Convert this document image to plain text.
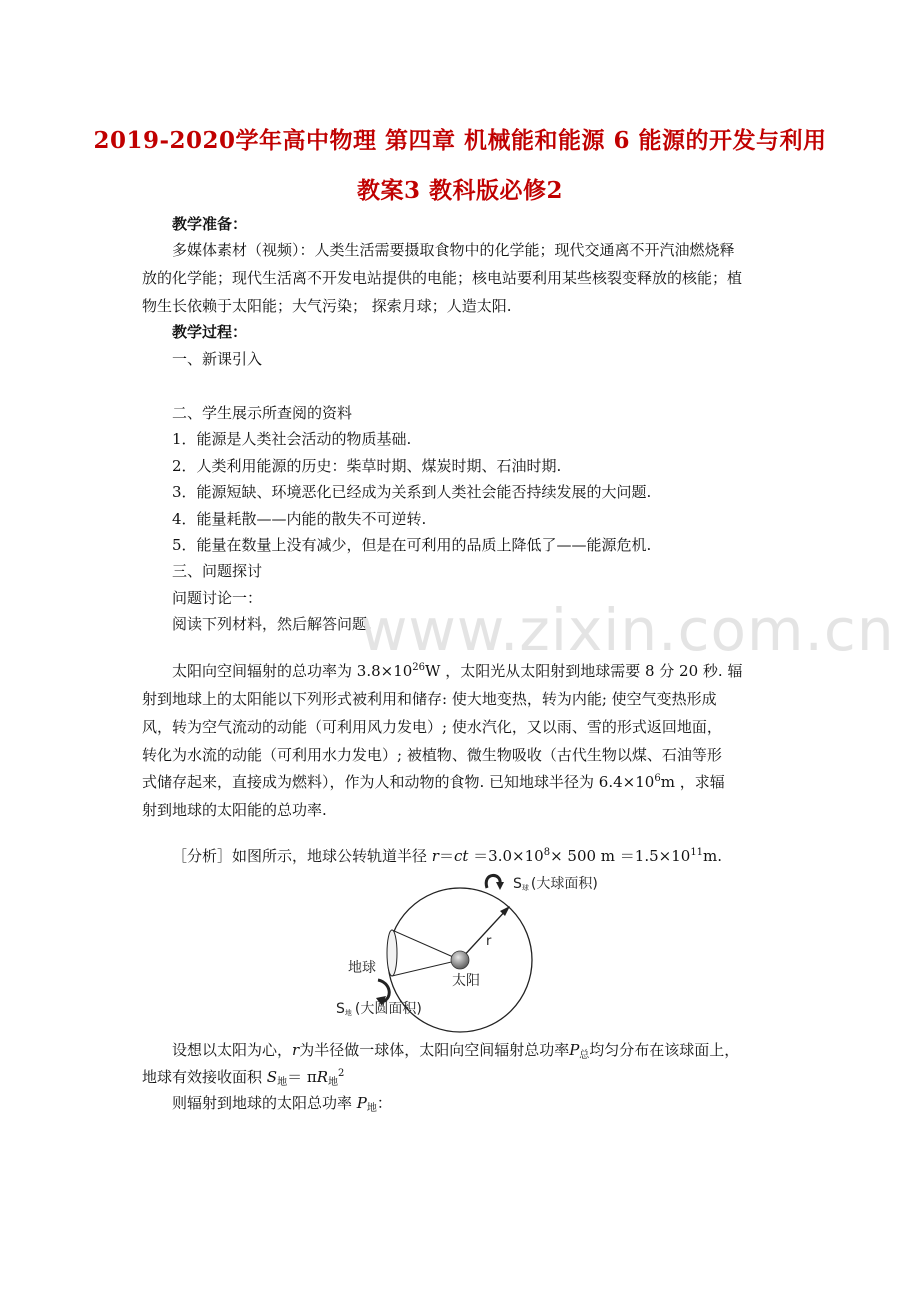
2019-2020学年高中物理 第四章 机械能和能源 6 能源的开发与利用
教案3 教科版必修2
教学准备：
多媒体素材（视频）：人类生活需要摄取食物中的化学能；现代交通离不开汽油燃烧释
放的化学能；现代生活离不开发电站提供的电能；核电站要利用某些核裂变释放的核能；植
物生长依赖于太阳能；大气污染； 探索月球；人造太阳.
教学过程：
一、新课引入
二、学生展示所查阅的资料
1．能源是人类社会活动的物质基础.
2．人类利用能源的历史：柴草时期、煤炭时期、石油时期.
3．能源短缺、环境恶化已经成为关系到人类社会能否持续发展的大问题.
4．能量耗散——内能的散失不可逆转.
5．能量在数量上没有减少，但是在可利用的品质上降低了——能源危机.
三、问题探讨
问题讨论一：
阅读下列材料，然后解答问题.
www.zixin.com.cn
太阳向空间辐射的总功率为 $3.8\times 10^{26}W$ ，太阳光从太阳射到地球需要 8 分 20 秒. 辐
射到地球上的太阳能以下列形式被利用和储存: 使大地变热，转为内能; 使空气变热形成
风，转为空气流动的动能（可利用风力发电）; 使水汽化，又以雨、雪的形式返回地面，
转化为水流的动能（可利用水力发电）; 被植物、微生物吸收（古代生物以煤、石油等形
式储存起来，直接成为燃料），作为人和动物的食物. 已知地球半径为 $6.4\times 10^6m$ ，求辐
射到地球的太阳能的总功率.
［分析］如图所示，地球公转轨道半径 $r=ct =3.0\times 10^8\times 500$ $m =1.5\times 10^{11}m$.
r
太阳
地球
S球 (大球面积)
S地 (大圆面积)
设想以太阳为心，r为半径做一球体，太阳向空间辐射总功率$P_总$均匀分布在该球面上，
地球有效接收面积 $S_地= \pi R_地^2$
则辐射到地球的太阳总功率 $P_地$：
